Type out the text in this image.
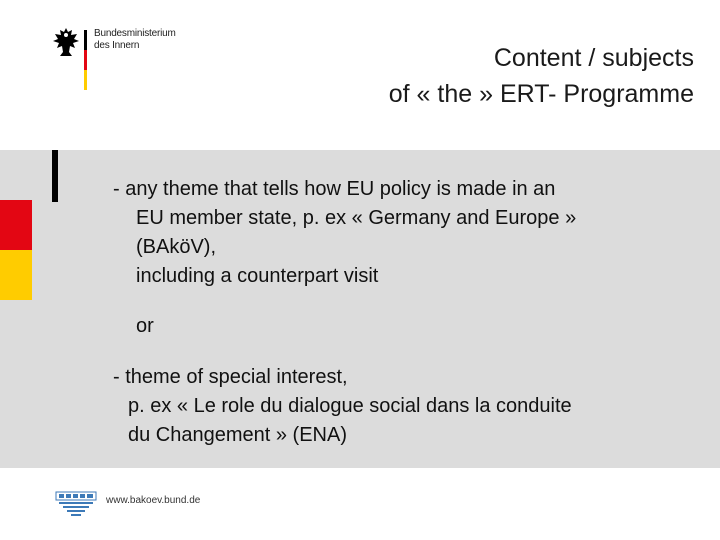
Bundesministerium
des Innern	Content / subjects
of « the » ERT- Programme
- any theme that tells how EU policy is made in an
EU member state, p. ex « Germany and Europe »
(BAköV),
including a counterpart visit
or
- theme of special interest,
p. ex « Le role du dialogue social dans la conduite
du Changement » (ENA)
www.bakoev.bund.de
